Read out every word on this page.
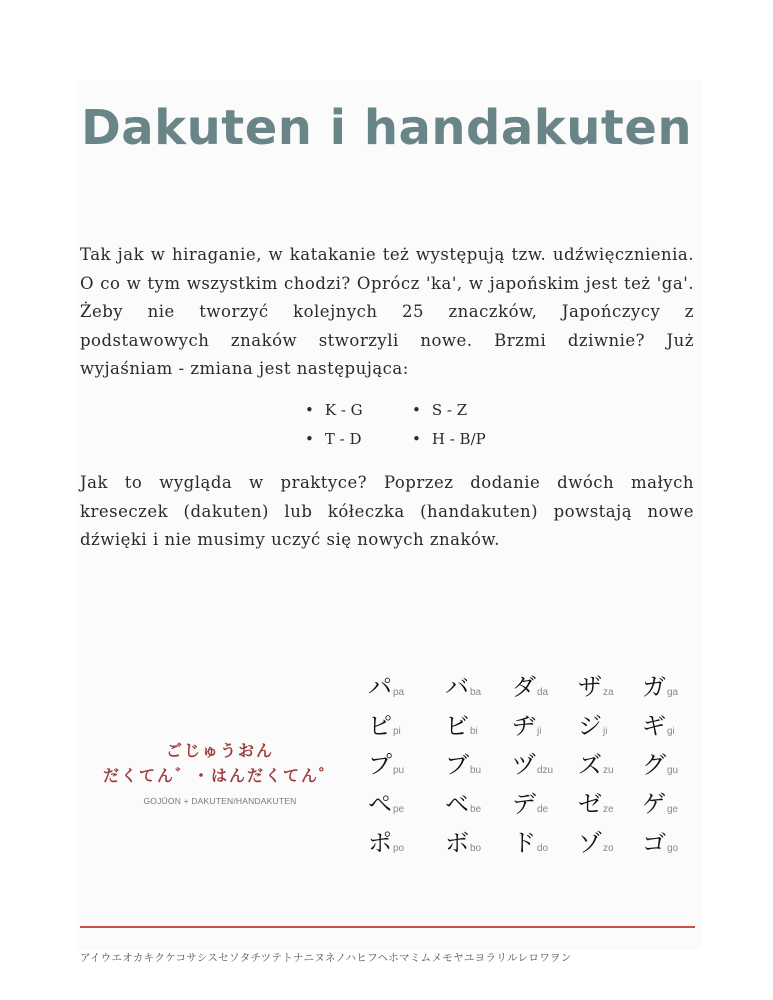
Dakuten i handakuten

Tak jak w hiraganie, w katakanie też występują tzw. udźwięcznienia. O co w tym wszystkim chodzi? Oprócz 'ka', w japońskim jest też 'ga'. Żeby nie tworzyć kolejnych 25 znaczków, Japończycy z podstawowych znaków stworzyli nowe. Brzmi dziwnie? Już wyjaśniam - zmiana jest następująca:

• K - G	• S - Z
• T - D	• H - B/P

Jak to wygląda w praktyce? Poprzez dodanie dwóch małych kreseczek (dakuten) lub kółeczka (handakuten) powstają nowe dźwięki i nie musimy uczyć się nowych znaków.

ごじゅうおん
だくてん゛・はんだくてん゜
GOJŪON + DAKUTEN/HANDAKUTEN
パpa
ピpi
プpu
ペpe
ポpo
バba
ビbi
ブbu
ベbe
ボbo
ダda
ヂji
ヅdzu
デde
ドdo
ザza
ジji
ズzu
ゼze
ゾzo
ガga
ギgi
グgu
ゲge
ゴgo
アイウエオカキクケコサシスセソタチツテトナニヌネノハヒフヘホマミムメモヤユヨラリルレロワヲン
